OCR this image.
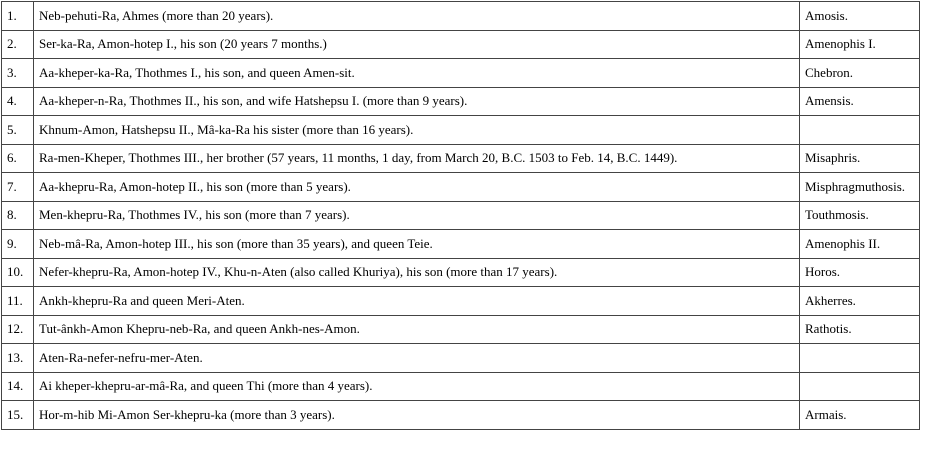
1.	Neb-pehuti-Ra, Ahmes (more than 20 years).	Amosis.
2.	Ser-ka-Ra, Amon-hotep I., his son (20 years 7 months.)	Amenophis I.
3.	Aa-kheper-ka-Ra, Thothmes I., his son, and queen Amen-sit.	Chebron.
4.	Aa-kheper-n-Ra, Thothmes II., his son, and wife Hatshepsu I. (more than 9 years).	Amensis.
5.	Khnum-Amon, Hatshepsu II., Mâ-ka-Ra his sister (more than 16 years).	
6.	Ra-men-Kheper, Thothmes III., her brother (57 years, 11 months, 1 day, from March 20, B.C. 1503 to Feb. 14, B.C. 1449).	Misaphris.
7.	Aa-khepru-Ra, Amon-hotep II., his son (more than 5 years).	Misphragmuthosis.
8.	Men-khepru-Ra, Thothmes IV., his son (more than 7 years).	Touthmosis.
9.	Neb-mâ-Ra, Amon-hotep III., his son (more than 35 years), and queen Teie.	Amenophis II.
10.	Nefer-khepru-Ra, Amon-hotep IV., Khu-n-Aten (also called Khuriya), his son (more than 17 years).	Horos.
11.	Ankh-khepru-Ra and queen Meri-Aten.	Akherres.
12.	Tut-ânkh-Amon Khepru-neb-Ra, and queen Ankh-nes-Amon.	Rathotis.
13.	Aten-Ra-nefer-nefru-mer-Aten.	
14.	Ai kheper-khepru-ar-mâ-Ra, and queen Thi (more than 4 years).	
15.	Hor-m-hib Mi-Amon Ser-khepru-ka (more than 3 years).	Armais.
